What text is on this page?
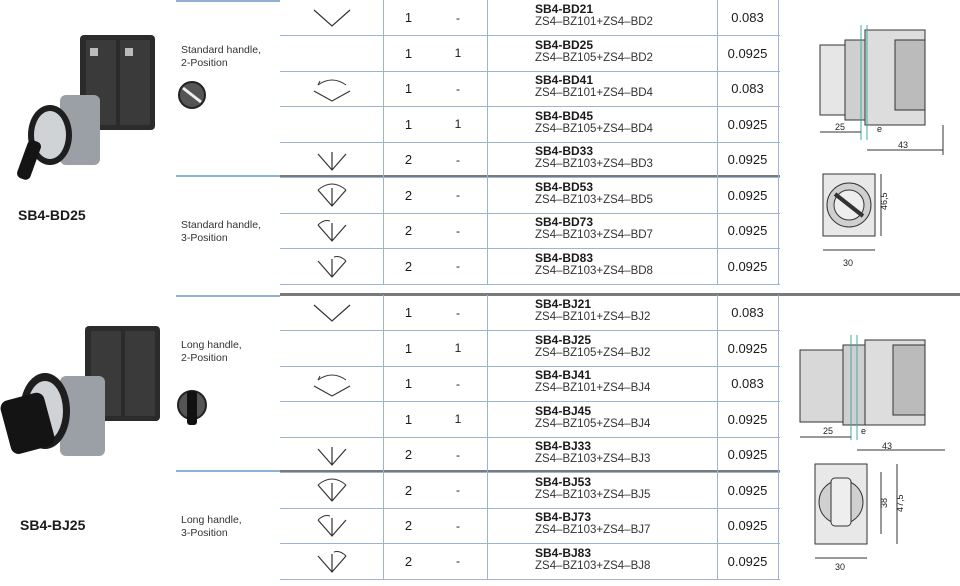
SB4-BD25
Standard handle,
2-Position
Standard handle,
3-Position
1	-
SB4-BD21
ZS4–BZ101+ZS4–BD2	0.083
1	1
SB4-BD25
ZS4–BZ105+ZS4–BD2	0.0925
1	-
SB4-BD41
ZS4–BZ101+ZS4–BD4	0.083
1	1
SB4-BD45
ZS4–BZ105+ZS4–BD4	0.0925
2	-
SB4-BD33
ZS4–BZ103+ZS4–BD3	0.0925
2	-
SB4-BD53
ZS4–BZ103+ZS4–BD5	0.0925
2	-
SB4-BD73
ZS4–BZ103+ZS4–BD7	0.0925
2	-
SB4-BD83
ZS4–BZ103+ZS4–BD8	0.0925
25	e
43
46,5
30
SB4-BJ25
Long handle,
2-Position
Long handle,
3-Position
1	-
SB4-BJ21
ZS4–BZ101+ZS4–BJ2	0.083
1	1
SB4-BJ25
ZS4–BZ105+ZS4–BJ2	0.0925
1	-
SB4-BJ41
ZS4–BZ101+ZS4–BJ4	0.083
1	1
SB4-BJ45
ZS4–BZ105+ZS4–BJ4	0.0925
2	-
SB4-BJ33
ZS4–BZ103+ZS4–BJ3	0.0925
2	-
SB4-BJ53
ZS4–BZ103+ZS4–BJ5	0.0925
2	-
SB4-BJ73
ZS4–BZ103+ZS4–BJ7	0.0925
2	-
SB4-BJ83
ZS4–BZ103+ZS4–BJ8	0.0925
25	e
43
38 47,5
30
